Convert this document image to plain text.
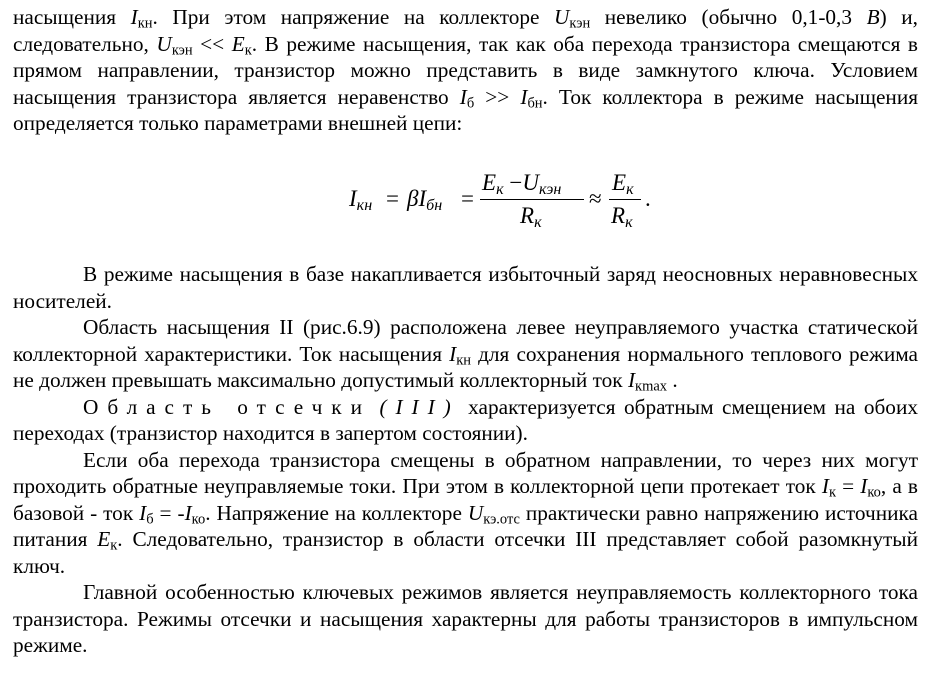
насыщения $I_{кн}$. При этом напряжение на коллекторе $U_{кэн}$ невелико (обычно 0,1-0,3 В) и, следовательно, $U_{кэн} << E_к$. В режиме насыщения, так как оба перехода транзистора смещаются в прямом направлении, транзистор можно представить в виде замкнутого ключа. Условием насыщения транзистора является неравенство $I_б >> I_{бн}$. Ток коллектора в режиме насыщения определяется только параметрами внешней цепи:

$I_{кн} = \beta I_{бн}$ =
$E_к -U_{кэн}$
$R_к$
≈
$E_к$
$R_к$
.

В режиме насыщения в базе накапливается избыточный заряд неосновных неравновесных носителей.

Область насыщения II (рис.6.9) расположена левее неуправляемого участка статической коллекторной характеристики. Ток насыщения $I_{кн}$ для сохранения нормального теплового режима не должен превышать максимально допустимый коллекторный ток $I_{кmax}$ .

Область отсечки (III) характеризуется обратным смещением на обоих переходах (транзистор находится в запертом состоянии).

Если оба перехода транзистора смещены в обратном направлении, то через них могут проходить обратные неуправляемые токи. При этом в коллекторной цепи протекает ток $I_к = I_{ко}$, а в базовой - ток $I_б = -I_{ко}$. Напряжение на коллекторе $U_{кэ.отс}$ практически равно напряжению источника питания $E_к$. Следовательно, транзистор в области отсечки III представляет собой разомкнутый ключ.

Главной особенностью ключевых режимов является неуправляемость коллекторного тока транзистора. Режимы отсечки и насыщения характерны для работы транзисторов в импульсном режиме.
